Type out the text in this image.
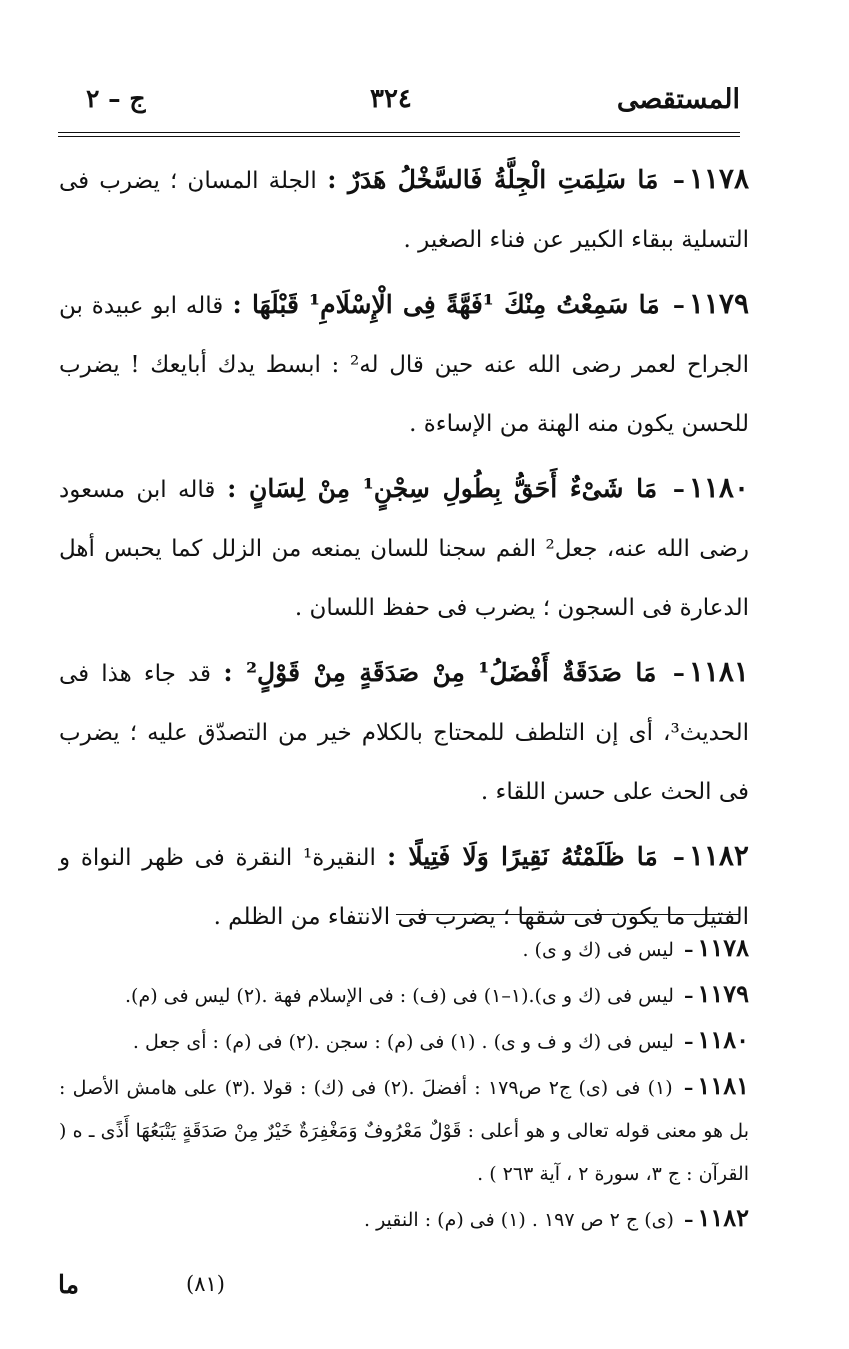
المستقصى
٣٢٤
ج – ٢

١١٧٨– مَا سَلِمَتِ الْجِلَّةُ فَالسَّخْلُ هَدَرٌ : الجلة المسان ؛ يضرب فى التسلية ببقاء الكبير عن فناء الصغير .

١١٧٩– مَا سَمِعْتُ مِنْكَ ¹فَهَّةً فِى الْإِسْلَامِ¹ قَبْلَهَا : قاله ابو عبيدة بن الجراح لعمر رضى الله عنه حين قال له² : ابسط يدك أبايعك ! يضرب للحسن يكون منه الهنة من الإساءة .

١١٨٠– مَا شَىْءٌ أَحَقُّ بِطُولِ سِجْنٍ¹ مِنْ لِسَانٍ : قاله ابن مسعود رضى الله عنه، جعل² الفم سجنا للسان يمنعه من الزلل كما يحبس أهل الدعارة فى السجون ؛ يضرب فى حفظ اللسان .

١١٨١– مَا صَدَقَةٌ أَفْضَلُ¹ مِنْ صَدَقَةٍ مِنْ قَوْلٍ² : قد جاء هذا فى الحديث³، أى إن التلطف للمحتاج بالكلام خير من التصدّق عليه ؛ يضرب فى الحث على حسن اللقاء .

١١٨٢– مَا ظَلَمْتُهُ نَقِيرًا وَلَا فَتِيلًا : النقيرة¹ النقرة فى ظهر النواة و الفتيل ما يكون فى شقها ؛ يضرب فى الانتفاء من الظلم .

١١٧٨– ليس فى (ك و ى) .
١١٧٩– ليس فى (ك و ى).(١–١) فى (ف) : فى الإسلام فهة .(٢) ليس فى (م).
١١٨٠– ليس فى (ك و ف و ى) . (١) فى (م) : سجن .(٢) فى (م) : أى جعل .
١١٨١– (١) فى (ى) ج٢ ص١٧٩ : أفضلَ .(٢) فى (ك) : قولا .(٣) على هامش الأصل : بل هو معنى قوله تعالى و هو أعلى : قَوْلٌ مَعْرُوفٌ وَمَغْفِرَةٌ خَيْرٌ مِنْ صَدَقَةٍ يَتْبَعُهَا أَذًى ـ ه ( القرآن : ج ٣، سورة ٢ ، آية ٢٦٣ ) .
١١٨٢– (ى) ج ٢ ص ١٩٧ . (١) فى (م) : النقير .
(٨١)
ما
